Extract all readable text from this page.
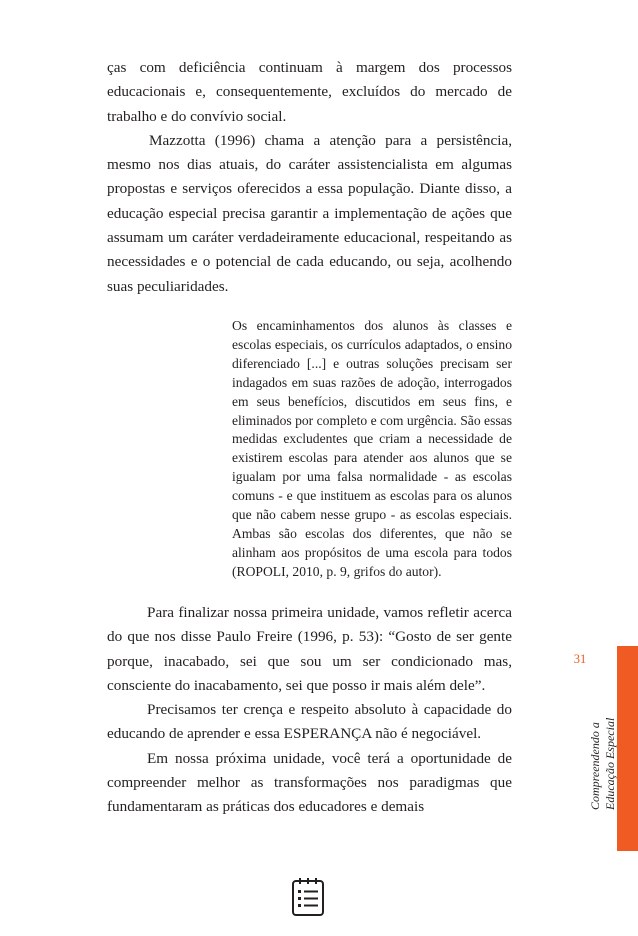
ças com deficiência continuam à margem dos processos educacionais e, consequentemente, excluídos do mercado de trabalho e do convívio social.

Mazzotta (1996) chama a atenção para a persistência, mesmo nos dias atuais, do caráter assistencialista em algumas propostas e serviços oferecidos a essa população. Diante disso, a educação especial precisa garantir a implementação de ações que assumam um caráter verdadeiramente educacional, respeitando as necessidades e o potencial de cada educando, ou seja, acolhendo suas peculiaridades.

Os encaminhamentos dos alunos às classes e escolas especiais, os currículos adaptados, o ensino diferenciado [...] e outras soluções precisam ser indagados em suas razões de adoção, interrogados em seus benefícios, discutidos em seus fins, e eliminados por completo e com urgência. São essas medidas excludentes que criam a necessidade de existirem escolas para atender aos alunos que se igualam por uma falsa normalidade - as escolas comuns - e que instituem as escolas para os alunos que não cabem nesse grupo - as escolas especiais. Ambas são escolas dos diferentes, que não se alinham aos propósitos de uma escola para todos (ROPOLI, 2010, p. 9, grifos do autor).

Para finalizar nossa primeira unidade, vamos refletir acerca do que nos disse Paulo Freire (1996, p. 53): “Gosto de ser gente porque, inacabado, sei que sou um ser condicionado mas, consciente do inacabamento, sei que posso ir mais além dele”.

Precisamos ter crença e respeito absoluto à capacidade do educando de aprender e essa ESPERANÇA não é negociável.

Em nossa próxima unidade, você terá a oportunidade de compreender melhor as transformações nos paradigmas que fundamentaram as práticas dos educadores e demais

31
Compreendendo a Educação Especial
